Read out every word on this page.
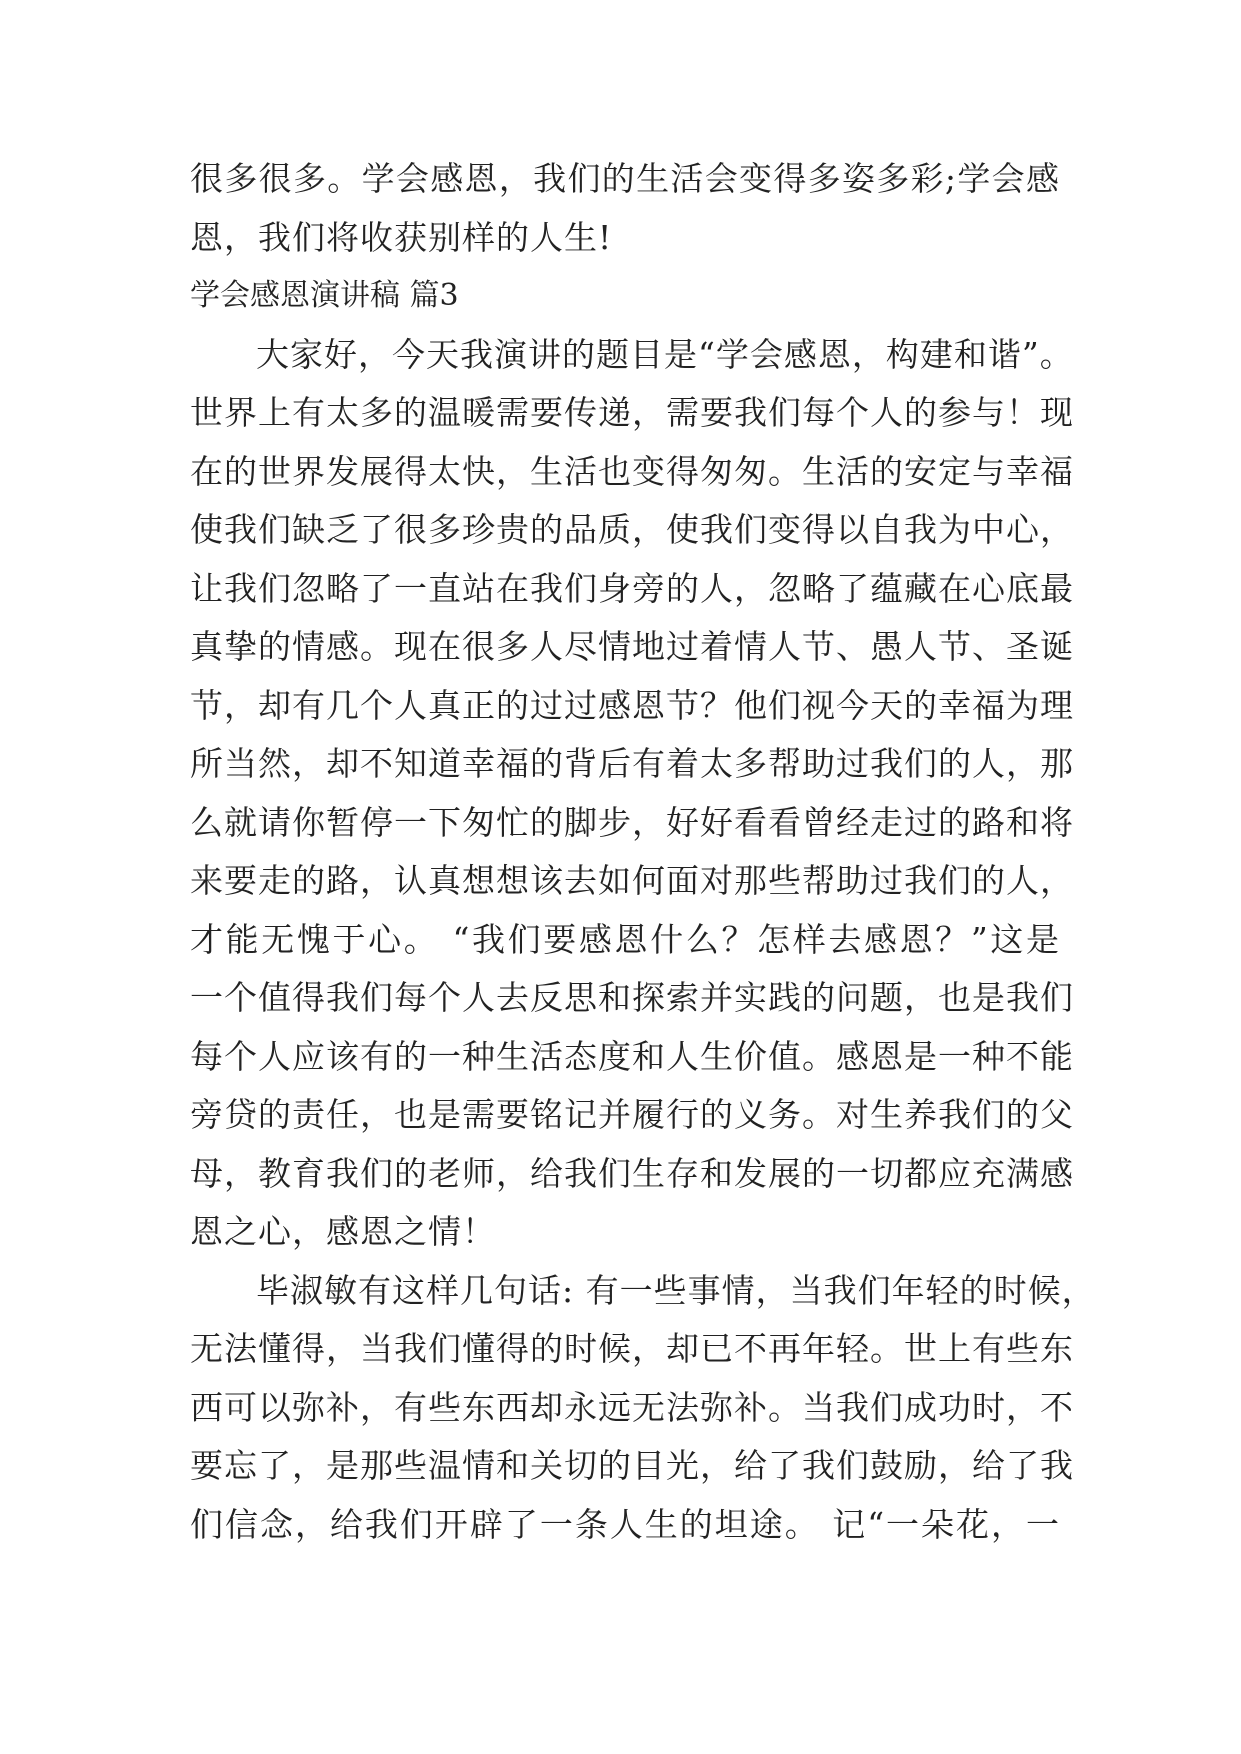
很多很多。学会感恩，我们的生活会变得多姿多彩;学会感
恩，我们将收获别样的人生!
学会感恩演讲稿 篇3
大家好，今天我演讲的题目是“学会感恩，构建和谐”。
世界上有太多的温暖需要传递，需要我们每个人的参与！现
在的世界发展得太快，生活也变得匆匆。生活的安定与幸福
使我们缺乏了很多珍贵的品质，使我们变得以自我为中心，
让我们忽略了一直站在我们身旁的人，忽略了蕴藏在心底最
真挚的情感。现在很多人尽情地过着情人节、愚人节、圣诞
节，却有几个人真正的过过感恩节？他们视今天的幸福为理
所当然，却不知道幸福的背后有着太多帮助过我们的人，那
么就请你暂停一下匆忙的脚步，好好看看曾经走过的路和将
来要走的路，认真想想该去如何面对那些帮助过我们的人，
才能无愧于心。 “我们要感恩什么？怎样去感恩？”这是
一个值得我们每个人去反思和探索并实践的问题，也是我们
每个人应该有的一种生活态度和人生价值。感恩是一种不能
旁贷的责任，也是需要铭记并履行的义务。对生养我们的父
母，教育我们的老师，给我们生存和发展的一切都应充满感
恩之心，感恩之情！
毕淑敏有这样几句话: 有一些事情，当我们年轻的时候，
无法懂得，当我们懂得的时候，却已不再年轻。世上有些东
西可以弥补，有些东西却永远无法弥补。当我们成功时，不
要忘了，是那些温情和关切的目光，给了我们鼓励，给了我
们信念，给我们开辟了一条人生的坦途。 记“一朵花，一
